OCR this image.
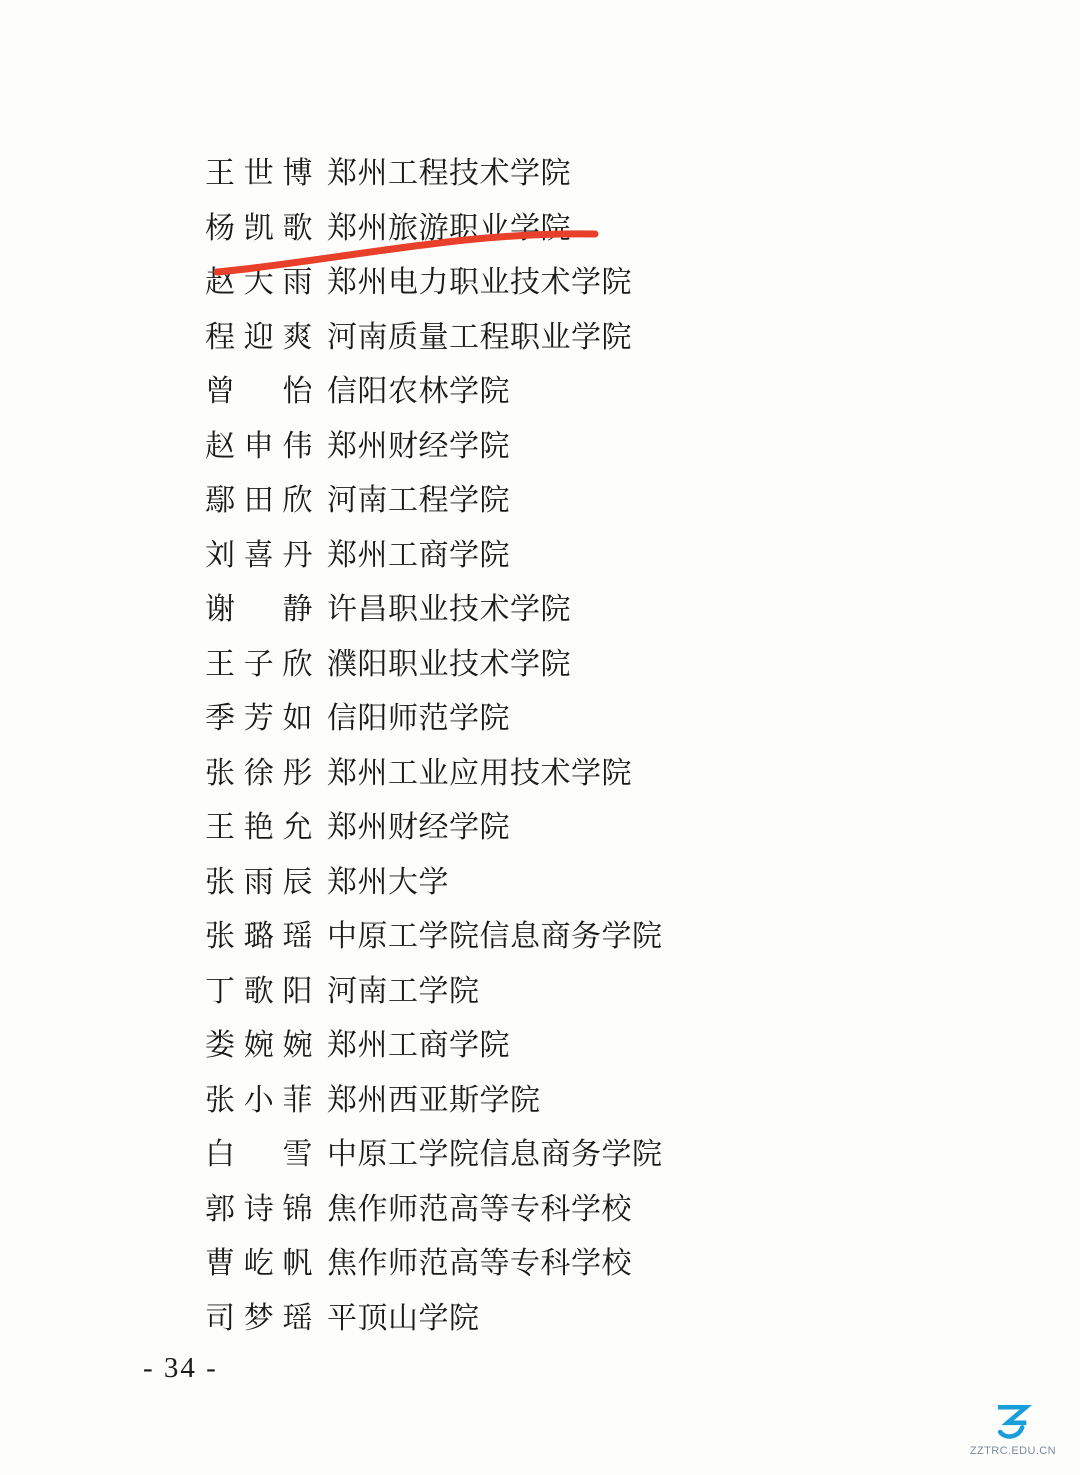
王世博 郑州工程技术学院
杨凯歌 郑州旅游职业学院
赵大雨 郑州电力职业技术学院
程迎爽 河南质量工程职业学院
曾　怡 信阳农林学院
赵申伟 郑州财经学院
鄢田欣 河南工程学院
刘喜丹 郑州工商学院
谢　静 许昌职业技术学院
王子欣 濮阳职业技术学院
季芳如 信阳师范学院
张徐彤 郑州工业应用技术学院
王艳允 郑州财经学院
张雨辰 郑州大学
张璐瑶 中原工学院信息商务学院
丁歌阳 河南工学院
娄婉婉 郑州工商学院
张小菲 郑州西亚斯学院
白　雪 中原工学院信息商务学院
郭诗锦 焦作师范高等专科学校
曹屹帆 焦作师范高等专科学校
司梦瑶 平顶山学院
- 34 -
ZZTRC.EDU.CN
